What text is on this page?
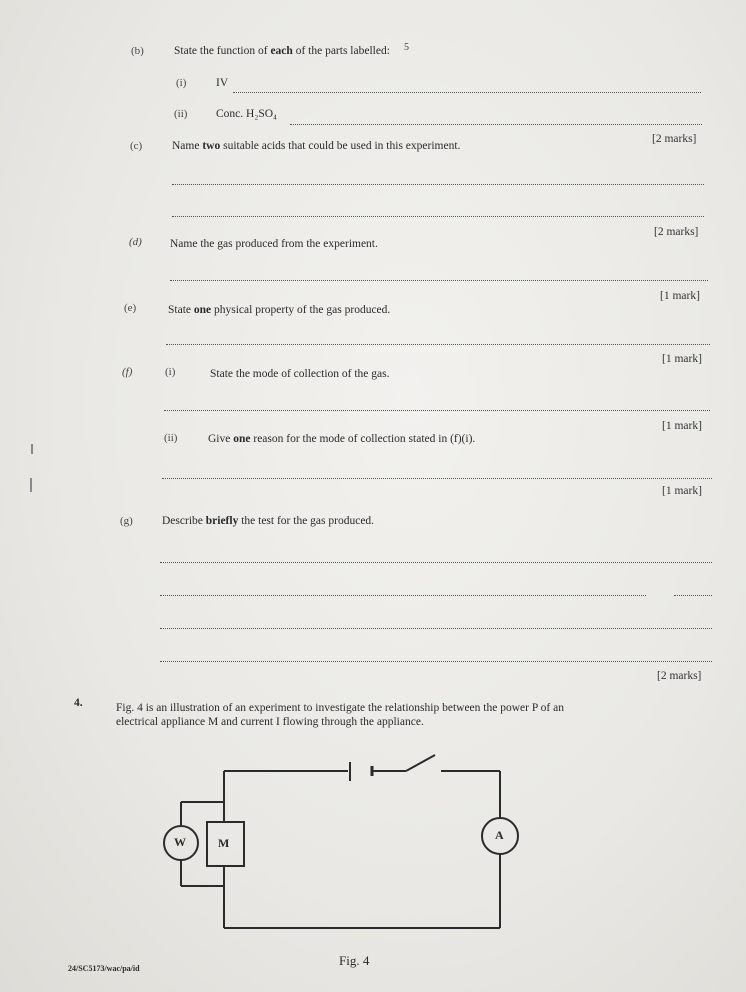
5
(b)	State the function of each of the parts labelled:
(i)	IV
(ii) Conc. H₂SO₄
[2 marks]
(c)	Name two suitable acids that could be used in this experiment.
[2 marks]
(d) Name the gas produced from the experiment.
[1 mark]
(e)	State one physical property of the gas produced.
[1 mark]
(f)	(i)	State the mode of collection of the gas.
[1 mark]
(ii)	Give one reason for the mode of collection stated in (f)(i).
[1 mark]
(g)	Describe briefly the test for the gas produced.
[2 marks]
4.	Fig. 4 is an illustration of an experiment to investigate the relationship between the power P of an
electrical appliance M and current I flowing through the appliance.
W	M
A
Fig. 4
24/SC5173/wac/pa/id
